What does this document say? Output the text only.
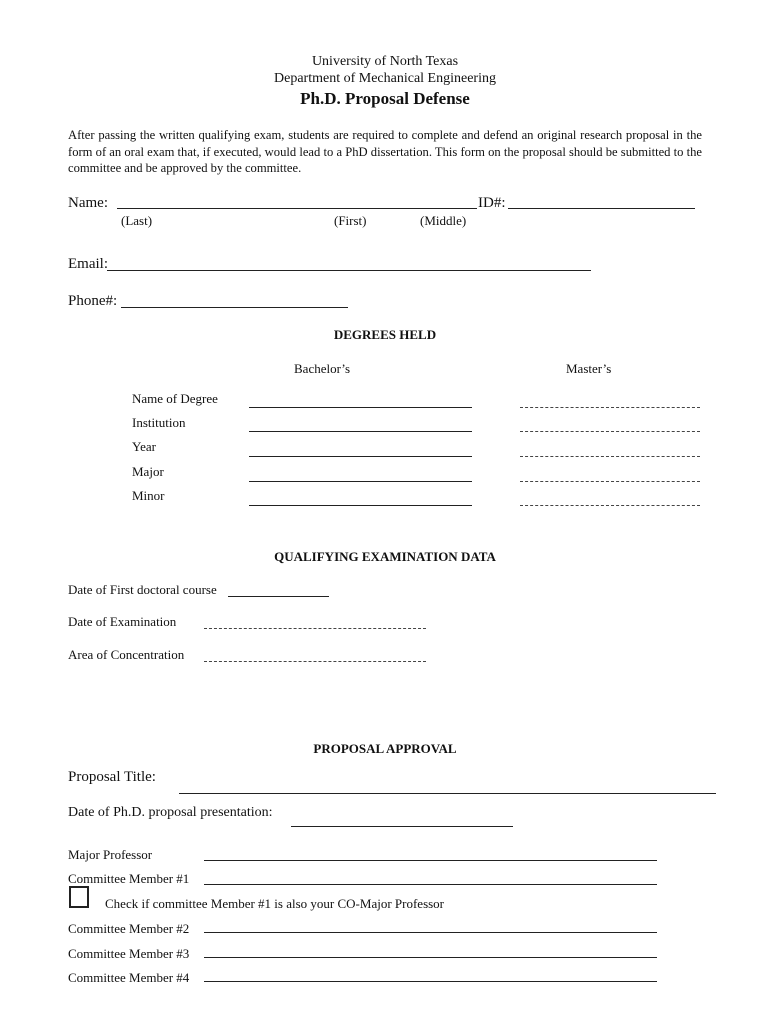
University of North Texas
Department of Mechanical Engineering
Ph.D. Proposal Defense
After passing the written qualifying exam, students are required to complete and defend an original research proposal in the form of an oral exam that, if executed, would lead to a PhD dissertation. This form on the proposal should be submitted to the committee and be approved by the committee.
Name:	ID#:
(Last)	(First)	(Middle)
Email:
Phone#:
DEGREES HELD
Bachelor’s	Master’s
Name of Degree
Institution
Year
Major
Minor
QUALIFYING EXAMINATION DATA
Date of First doctoral course
Date of Examination
Area of Concentration
PROPOSAL APPROVAL
Proposal Title:
Date of Ph.D. proposal presentation:
Major Professor
Committee Member #1
Check if committee Member #1 is also your CO-Major Professor
Committee Member #2
Committee Member #3
Committee Member #4
